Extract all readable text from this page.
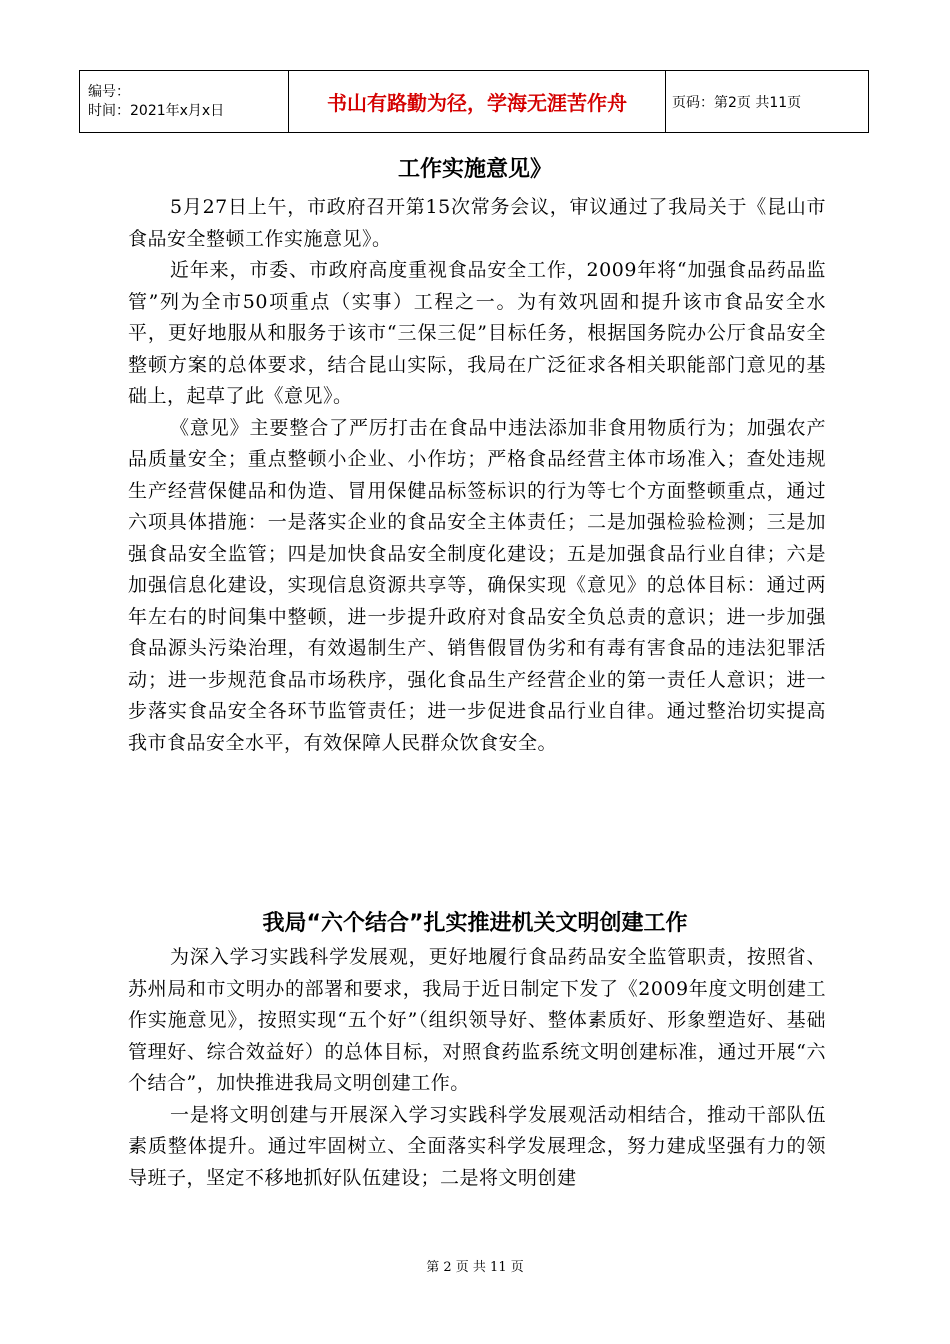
编号：
时间：2021年x月x日	书山有路勤为径，学海无涯苦作舟	页码：第2页 共11页
工作实施意见》

5月27日上午，市政府召开第15次常务会议，审议通过了我局关于《昆山市食品安全整顿工作实施意见》。

近年来，市委、市政府高度重视食品安全工作，2009年将“加强食品药品监管”列为全市50项重点（实事）工程之一。为有效巩固和提升该市食品安全水平，更好地服从和服务于该市“三保三促”目标任务，根据国务院办公厅食品安全整顿方案的总体要求，结合昆山实际，我局在广泛征求各相关职能部门意见的基础上，起草了此《意见》。

《意见》主要整合了严厉打击在食品中违法添加非食用物质行为；加强农产品质量安全；重点整顿小企业、小作坊；严格食品经营主体市场准入；查处违规生产经营保健品和伪造、冒用保健品标签标识的行为等七个方面整顿重点，通过六项具体措施：一是落实企业的食品安全主体责任；二是加强检验检测；三是加强食品安全监管；四是加快食品安全制度化建设；五是加强食品行业自律；六是加强信息化建设，实现信息资源共享等，确保实现《意见》的总体目标：通过两年左右的时间集中整顿，进一步提升政府对食品安全负总责的意识；进一步加强食品源头污染治理，有效遏制生产、销售假冒伪劣和有毒有害食品的违法犯罪活动；进一步规范食品市场秩序，强化食品生产经营企业的第一责任人意识；进一步落实食品安全各环节监管责任；进一步促进食品行业自律。通过整治切实提高我市食品安全水平，有效保障人民群众饮食安全。

我局“六个结合”扎实推进机关文明创建工作

为深入学习实践科学发展观，更好地履行食品药品安全监管职责，按照省、苏州局和市文明办的部署和要求，我局于近日制定下发了《2009年度文明创建工作实施意见》，按照实现“五个好”（组织领导好、整体素质好、形象塑造好、基础管理好、综合效益好）的总体目标，对照食药监系统文明创建标准，通过开展“六个结合”，加快推进我局文明创建工作。

一是将文明创建与开展深入学习实践科学发展观活动相结合，推动干部队伍素质整体提升。通过牢固树立、全面落实科学发展理念，努力建成坚强有力的领导班子，坚定不移地抓好队伍建设；二是将文明创建

第 2 页 共 11 页
